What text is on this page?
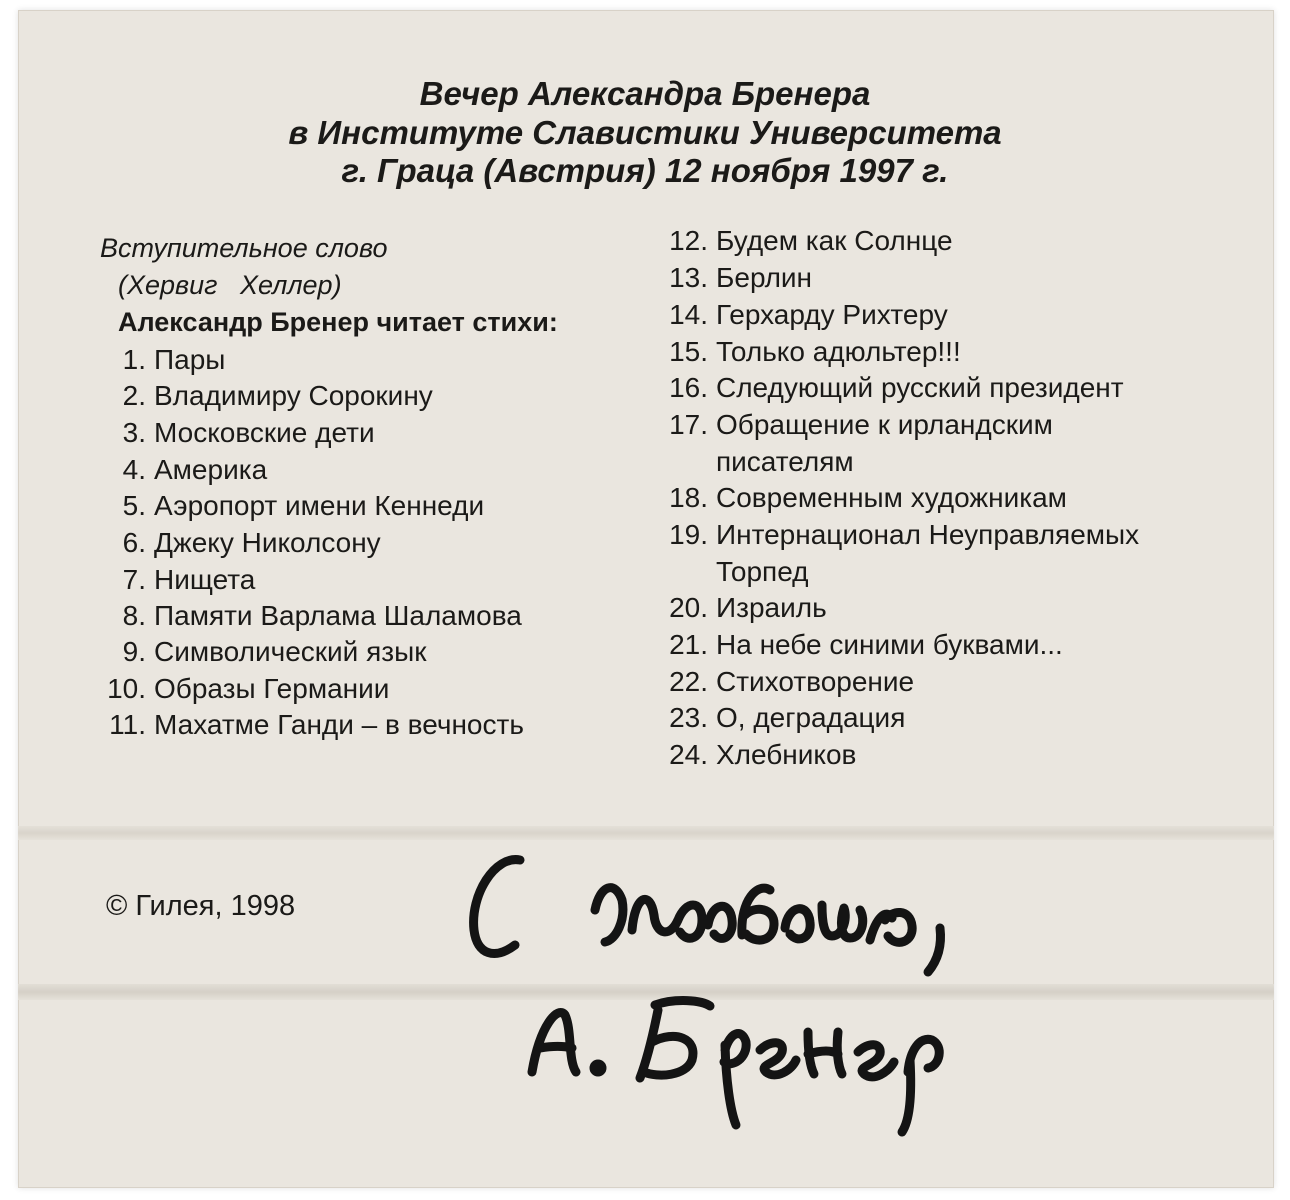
Вечер Александра Бренера
в Институте Славистики Университета
г. Граца (Австрия) 12 ноября 1997 г.
Вступительное слово
(Хервиг   Хеллер)
Александр Бренер читает стихи:
1. Пары
2. Владимиру Сорокину
3. Московские дети
4. Америка
5. Аэропорт имени Кеннеди
6. Джеку Николсону
7. Нищета
8. Памяти Варлама Шаламова
9. Символический язык
10. Образы Германии
11. Махатме Ганди – в вечность
12. Будем как Солнце
13. Берлин
14. Герхарду Рихтеру
15. Только адюльтер!!!
16. Следующий русский президент
17. Обращение к ирландским
писателям
18. Современным художникам
19. Интернационал Неуправляемых
Торпед
20. Израиль
21. На небе синими буквами...
22. Стихотворение
23. О, деградация
24. Хлебников
© Гилея, 1998
